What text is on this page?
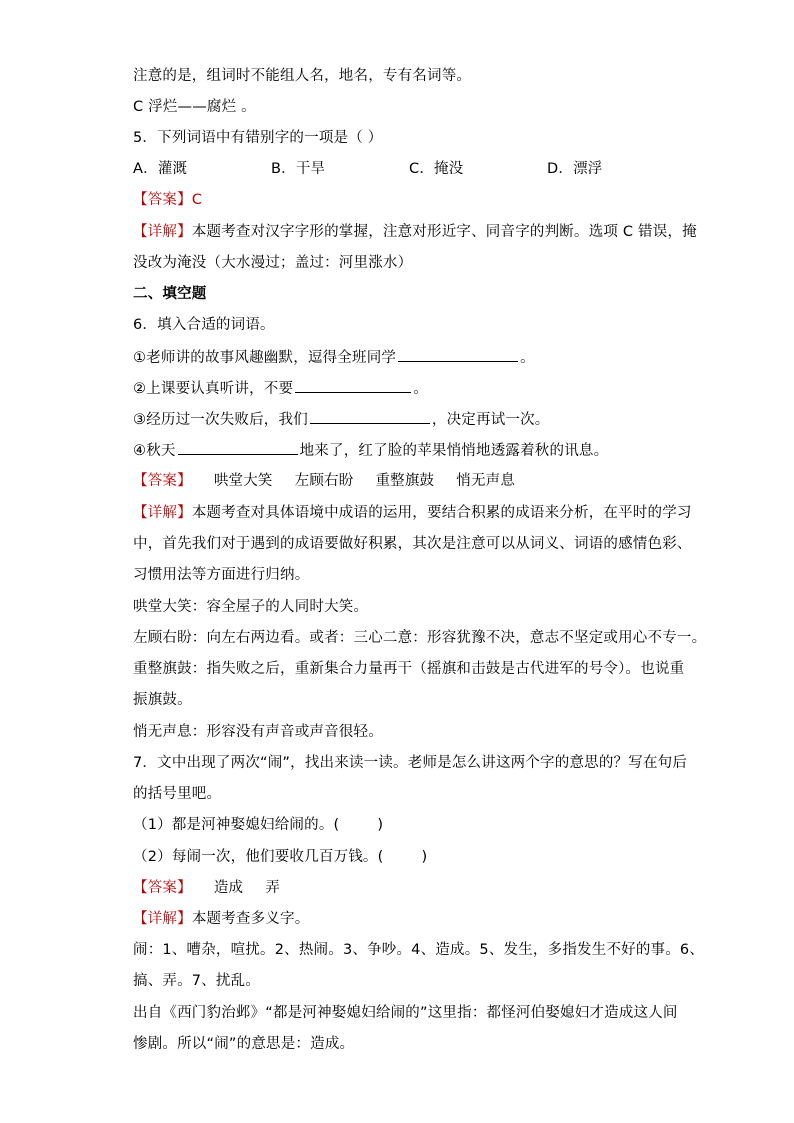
注意的是，组词时不能组人名，地名，专有名词等。
C 浮烂——腐烂 。
5．下列词语中有错别字的一项是（ ）
A．灌溉	B．干旱	C．掩没	D．漂浮
【答案】C
【详解】本题考查对汉字字形的掌握，注意对形近字、同音字的判断。选项 C 错误，掩
没改为淹没（大水漫过；盖过：河里涨水）
二、填空题
6．填入合适的词语。
①老师讲的故事风趣幽默，逗得全班同学	。
②上课要认真听讲，不要	。
③经历过一次失败后，我们	，决定再试一次。
④秋天	地来了，红了脸的苹果悄悄地透露着秋的讯息。
【答案】 哄堂大笑 左顾右盼 重整旗鼓 悄无声息
【详解】本题考查对具体语境中成语的运用，要结合积累的成语来分析，在平时的学习
中，首先我们对于遇到的成语要做好积累，其次是注意可以从词义、词语的感情色彩、
习惯用法等方面进行归纳。
哄堂大笑：容全屋子的人同时大笑。
左顾右盼：向左右两边看。或者：三心二意：形容犹豫不决，意志不坚定或用心不专一。
重整旗鼓：指失败之后，重新集合力量再干（摇旗和击鼓是古代进军的号令）。也说重
振旗鼓。
悄无声息：形容没有声音或声音很轻。
7．文中出现了两次“闹”，找出来读一读。老师是怎么讲这两个字的意思的？写在句后
的括号里吧。
（1）都是河神娶媳妇给闹的。(	)
（2）每闹一次，他们要收几百万钱。(	)
【答案】 造成 弄
【详解】本题考查多义字。
闹：1、嘈杂，喧扰。2、热闹。3、争吵。4、造成。5、发生，多指发生不好的事。6、
搞、弄。7、扰乱。
出自《西门豹治邺》“都是河神娶媳妇给闹的”这里指：都怪河伯娶媳妇才造成这人间
惨剧。所以“闹”的意思是：造成。
